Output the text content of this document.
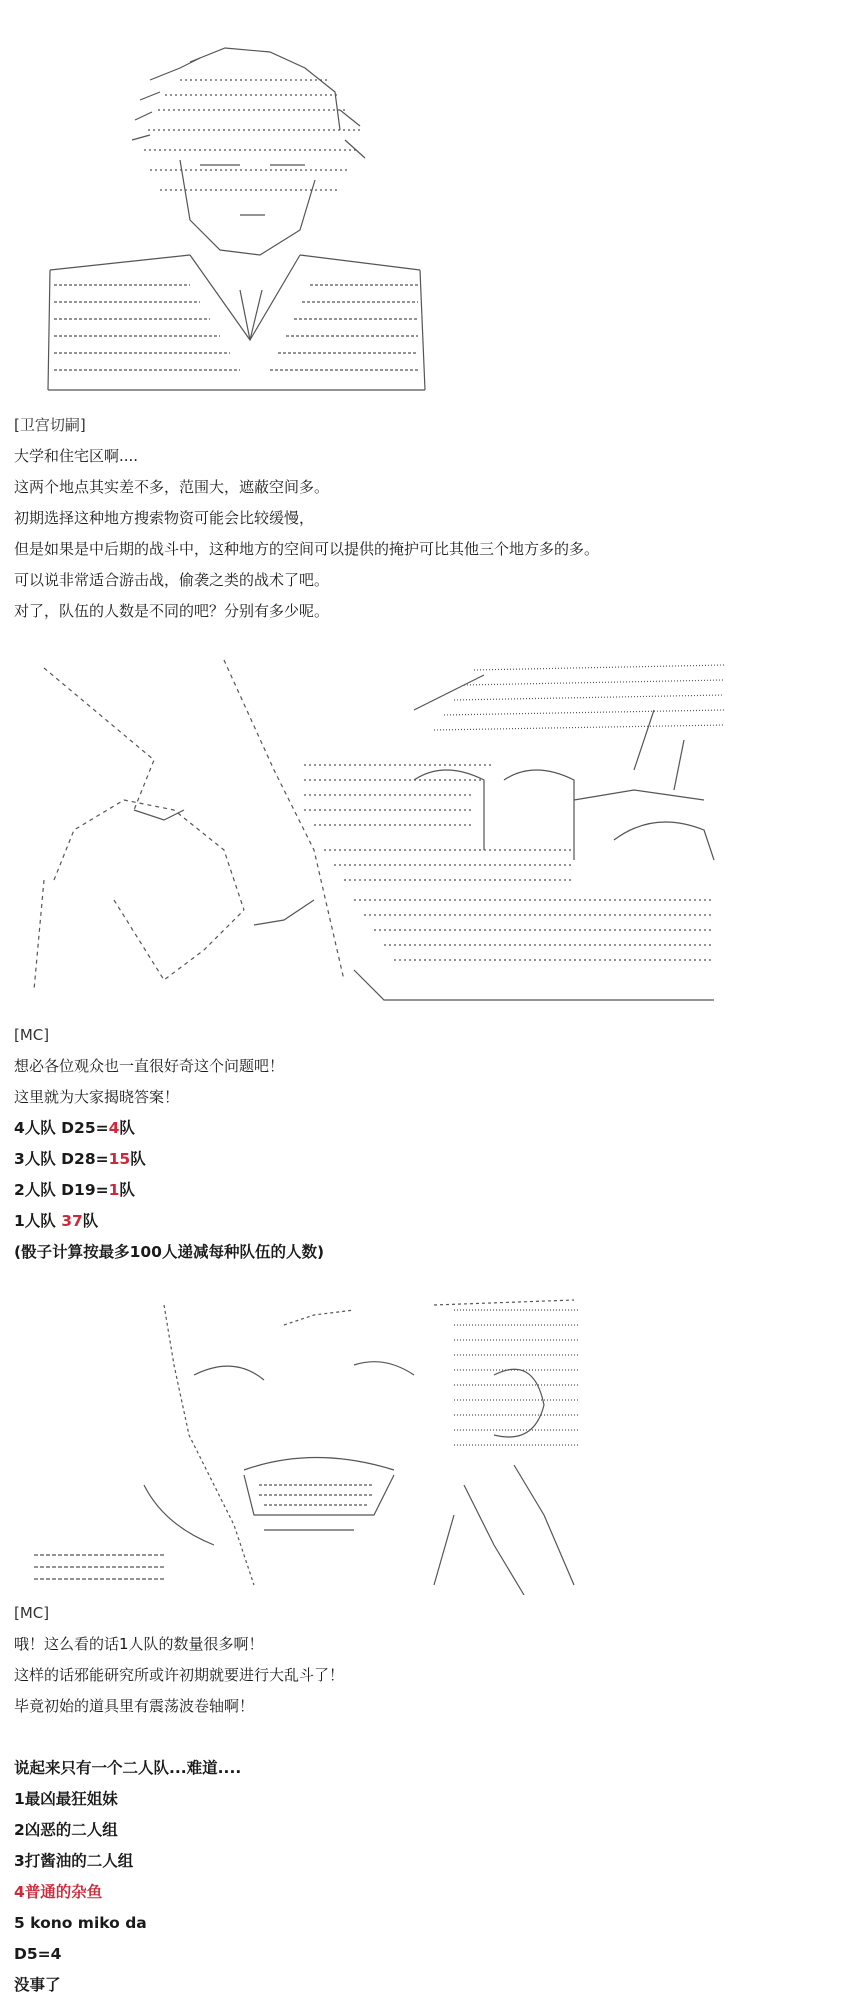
[卫宫切嗣]
大学和住宅区啊....
这两个地点其实差不多，范围大，遮蔽空间多。
初期选择这种地方搜索物资可能会比较缓慢，
但是如果是中后期的战斗中，这种地方的空间可以提供的掩护可比其他三个地方多的多。
可以说非常适合游击战，偷袭之类的战术了吧。
对了，队伍的人数是不同的吧？分别有多少呢。
[MC]
想必各位观众也一直很好奇这个问题吧！
这里就为大家揭晓答案！
4人队 D25=4队
3人队 D28=15队
2人队 D19=1队
1人队 37队
(骰子计算按最多100人递减每种队伍的人数)
[MC]
哦！这么看的话1人队的数量很多啊！
这样的话邪能研究所或许初期就要进行大乱斗了！
毕竟初始的道具里有震荡波卷轴啊！
说起来只有一个二人队...难道....
1最凶最狂姐妹
2凶恶的二人组
3打酱油的二人组
4普通的杂鱼
5 kono miko da
D5=4
没事了
